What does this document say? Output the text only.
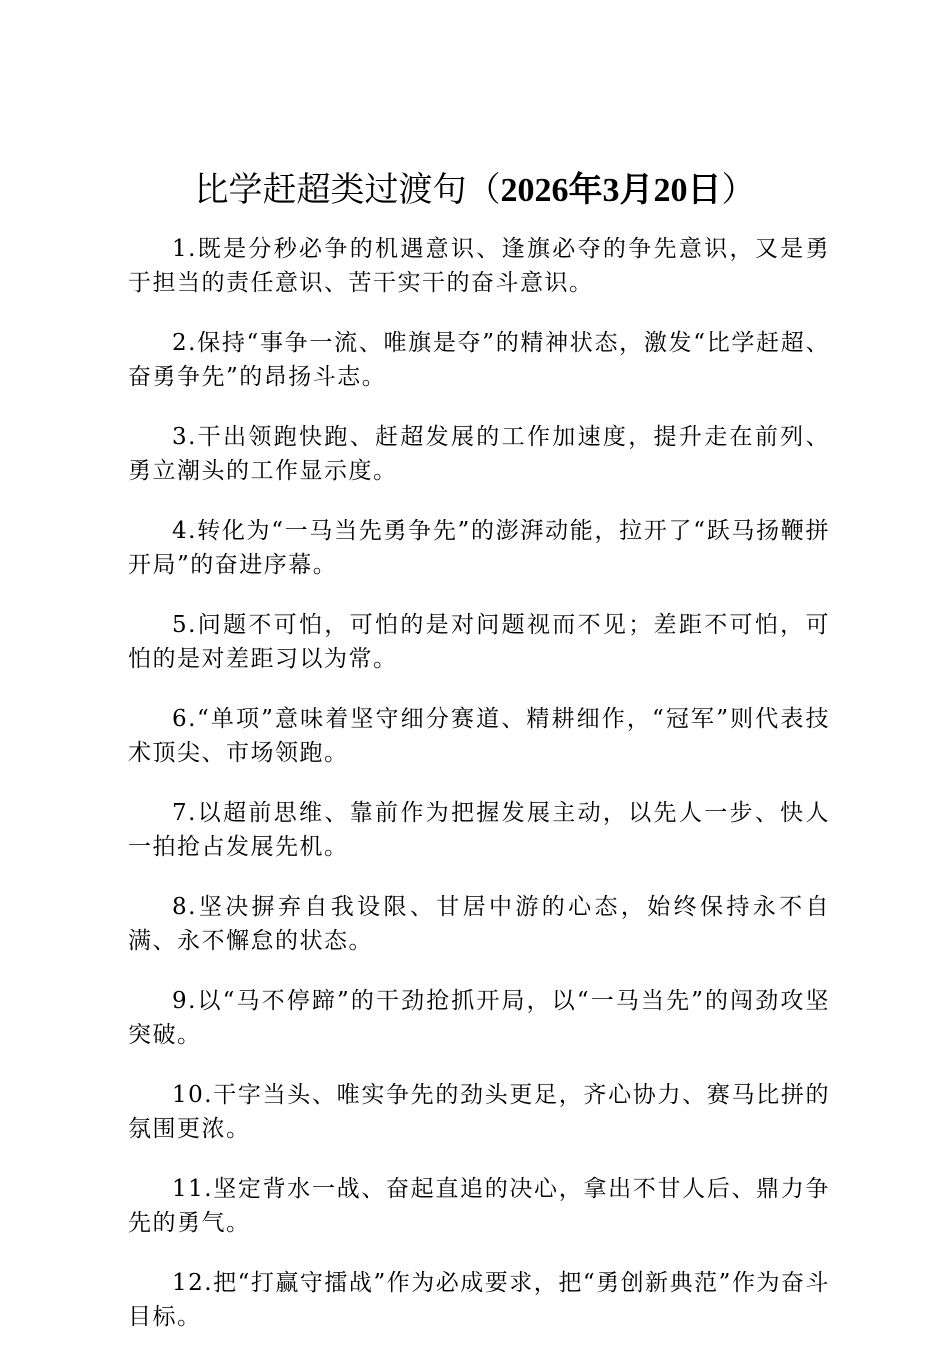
比学赶超类过渡句（2026年3月20日）

1.既是分秒必争的机遇意识、逢旗必夺的争先意识，又是勇于担当的责任意识、苦干实干的奋斗意识。

2.保持“事争一流、唯旗是夺”的精神状态，激发“比学赶超、奋勇争先”的昂扬斗志。

3.干出领跑快跑、赶超发展的工作加速度，提升走在前列、勇立潮头的工作显示度。

4.转化为“一马当先勇争先”的澎湃动能，拉开了“跃马扬鞭拼开局”的奋进序幕。

5.问题不可怕，可怕的是对问题视而不见；差距不可怕，可怕的是对差距习以为常。

6.“单项”意味着坚守细分赛道、精耕细作，“冠军”则代表技术顶尖、市场领跑。

7.以超前思维、靠前作为把握发展主动，以先人一步、快人一拍抢占发展先机。

8.坚决摒弃自我设限、甘居中游的心态，始终保持永不自满、永不懈怠的状态。

9.以“马不停蹄”的干劲抢抓开局，以“一马当先”的闯劲攻坚突破。

10.干字当头、唯实争先的劲头更足，齐心协力、赛马比拼的氛围更浓。

11.坚定背水一战、奋起直追的决心，拿出不甘人后、鼎力争先的勇气。

12.把“打赢守擂战”作为必成要求，把“勇创新典范”作为奋斗目标。
